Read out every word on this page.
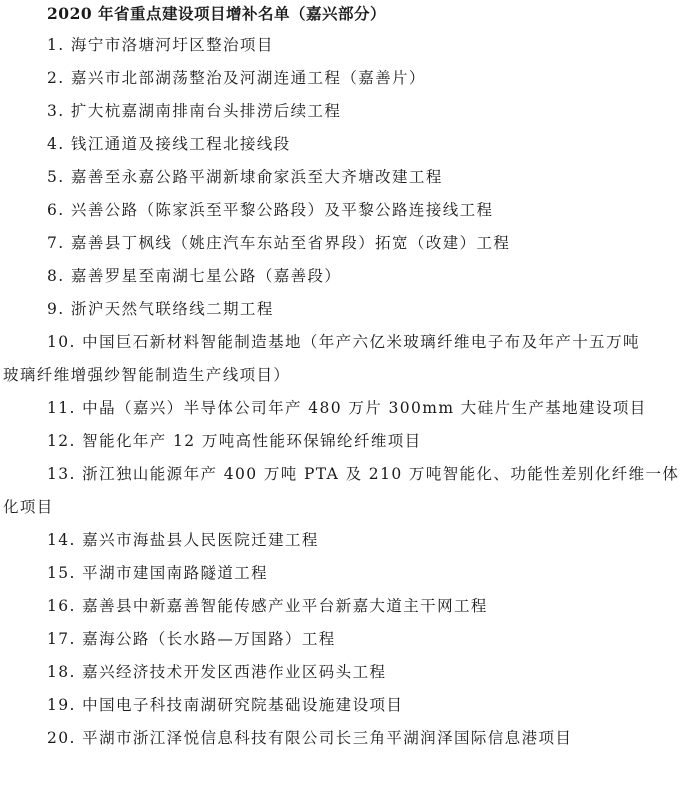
2020 年省重点建设项目增补名单（嘉兴部分）
1. 海宁市洛塘河圩区整治项目
2. 嘉兴市北部湖荡整治及河湖连通工程（嘉善片）
3. 扩大杭嘉湖南排南台头排涝后续工程
4. 钱江通道及接线工程北接线段
5. 嘉善至永嘉公路平湖新埭俞家浜至大齐塘改建工程
6. 兴善公路（陈家浜至平黎公路段）及平黎公路连接线工程
7. 嘉善县丁枫线（姚庄汽车东站至省界段）拓宽（改建）工程
8. 嘉善罗星至南湖七星公路（嘉善段）
9. 浙沪天然气联络线二期工程
10. 中国巨石新材料智能制造基地（年产六亿米玻璃纤维电子布及年产十五万吨
玻璃纤维增强纱智能制造生产线项目）
11. 中晶（嘉兴）半导体公司年产 480 万片 300mm 大硅片生产基地建设项目
12. 智能化年产 12 万吨高性能环保锦纶纤维项目
13. 浙江独山能源年产 400 万吨 PTA 及 210 万吨智能化、功能性差别化纤维一体
化项目
14. 嘉兴市海盐县人民医院迁建工程
15. 平湖市建国南路隧道工程
16. 嘉善县中新嘉善智能传感产业平台新嘉大道主干网工程
17. 嘉海公路（长水路—万国路）工程
18. 嘉兴经济技术开发区西港作业区码头工程
19. 中国电子科技南湖研究院基础设施建设项目
20. 平湖市浙江泽悦信息科技有限公司长三角平湖润泽国际信息港项目
